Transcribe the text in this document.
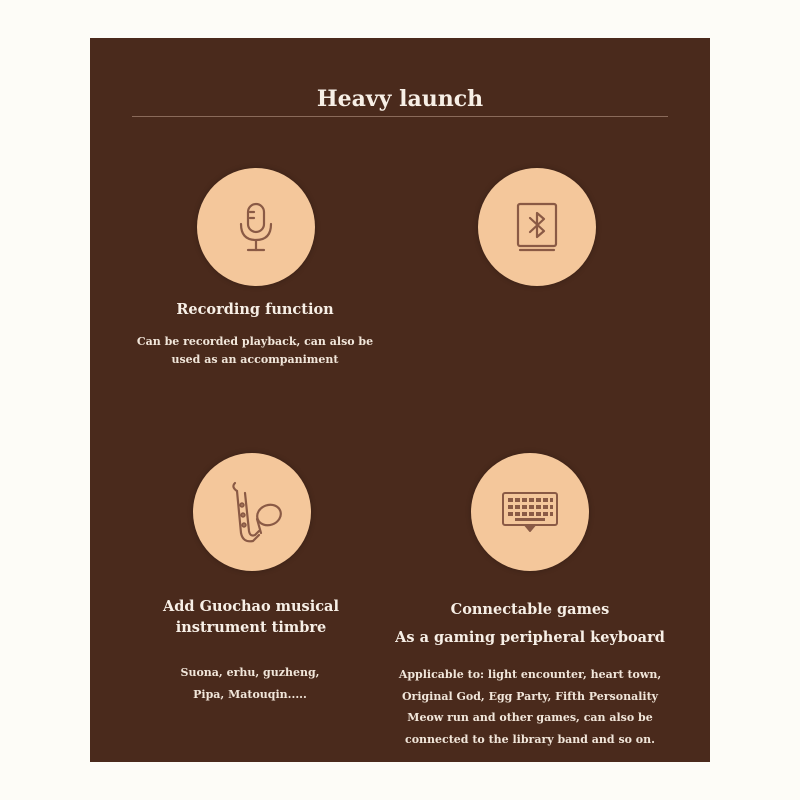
Heavy launch
Recording function
Can be recorded playback, can also be
used as an accompaniment
Add Guochao musical
instrument timbre
Suona, erhu, guzheng,
Pipa, Matouqin.....
Connectable games
As a gaming peripheral keyboard
Applicable to: light encounter, heart town,
Original God, Egg Party, Fifth Personality
Meow run and other games, can also be
connected to the library band and so on.
